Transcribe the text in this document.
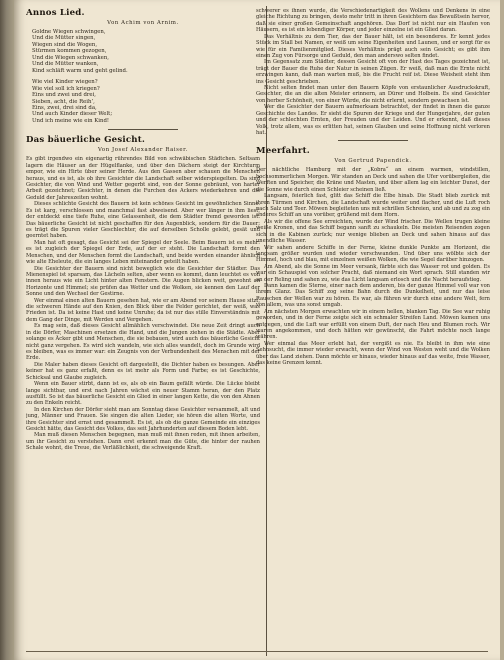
Annos Lied.
Von Achim von Arnim.
Goldne Wiegen schwingen,
Und die Mütter singen,
Wiegen sind die Wogen,
Stürmen kommen gezogen,
Und die Wiegen schwanken,
Und die Mütter wanken,
Kind schläft warm und geht gelind.
Wie viel Kinder wiegen?
Wie viel soll ich kriegen?
Eins und zwei und drei,
Sieben, acht, die Reih’,
Eins, zwei, drei sind da,
Und auch Kinder dieser Welt;
Und ich meine wie ein Kind!
Das bäuerliche Gesicht.
Von Josef Alexander Raiser.

Es gibt irgendwo ein eigenartig rührendes Bild von schwäbischen Städtchen. Seltsam lagern die Häuser an der Hügelflanke, und über den Dächern steigt der Kirchturm empor, wie ein Hirte über seiner Herde. Aus den Gassen aber schauen die Menschen heraus, und es ist, als ob ihre Gesichter die Landschaft selber widerspiegelten. Da sind Gesichter, die von Wind und Wetter gegerbt sind, von der Sonne gebräunt, von harter Arbeit gezeichnet; Gesichter, in denen die Furchen des Ackers wiederkehren und die Geduld der Jahreszeiten wohnt.

Dieses schlichte Gesicht des Bauern ist kein schönes Gesicht im gewöhnlichen Sinne. Es ist karg, verschlossen und manchmal fast abweisend. Aber wer länger in ihm liest, der entdeckt eine tiefe Ruhe, eine Gelassenheit, die dem Städter fremd geworden ist. Das bäuerliche Gesicht ist nicht geschaffen für den Augenblick, sondern für die Dauer; es trägt die Spuren vieler Geschlechter, die auf derselben Scholle gelebt, gesät und geerntet haben.

Man hat oft gesagt, das Gesicht sei der Spiegel der Seele. Beim Bauern ist es mehr: es ist zugleich der Spiegel der Erde, auf der er steht. Die Landschaft formt den Menschen, und der Menschen formt die Landschaft, und beide werden einander ähnlich wie alte Eheleute, die ein langes Leben miteinander geteilt haben.

Die Gesichter der Bauern sind nicht beweglich wie die Gesichter der Städter. Das Mienenspiel ist sparsam, das Lächeln selten, aber wenn es kommt, dann leuchtet es von innen heraus wie ein Licht hinter alten Fenstern. Die Augen blicken weit, gewohnt an Horizonte und Himmel; sie prüfen das Wetter und die Wolken, sie kennen den Lauf der Sonne und den Wechsel der Gestirne.

Wer einmal einen alten Bauern gesehen hat, wie er am Abend vor seinem Hause sitzt, die schweren Hände auf den Knien, den Blick über die Felder gerichtet, der weiß, was Frieden ist. Da ist keine Hast und keine Unruhe; da ist nur das stille Einverständnis mit dem Gang der Dinge, mit Werden und Vergehen.

Es mag sein, daß dieses Gesicht allmählich verschwindet. Die neue Zeit dringt auch in die Dörfer, Maschinen ersetzen die Hand, und die Jungen ziehen in die Städte. Aber solange es Äcker gibt und Menschen, die sie bebauen, wird auch das bäuerliche Gesicht nicht ganz vergehen. Es wird sich wandeln, wie sich alles wandelt, doch im Grunde wird es bleiben, was es immer war: ein Zeugnis von der Verbundenheit des Menschen mit der Erde.

Die Maler haben dieses Gesicht oft dargestellt, die Dichter haben es besungen. Aber keiner hat es ganz erfaßt, denn es ist mehr als Form und Farbe; es ist Geschichte, Schicksal und Glaube zugleich.

Wenn ein Bauer stirbt, dann ist es, als ob ein Baum gefällt würde. Die Lücke bleibt lange sichtbar, und erst nach Jahren wächst ein neuer Stamm heran, der den Platz ausfüllt. So ist das bäuerliche Gesicht ein Glied in einer langen Kette, die von den Ahnen zu den Enkeln reicht.

In den Kirchen der Dörfer sieht man am Sonntag diese Gesichter versammelt, alt und jung, Männer und Frauen. Sie singen die alten Lieder, sie hören die alten Worte, und ihre Gesichter sind ernst und gesammelt. Es ist, als ob die ganze Gemeinde ein einziges Gesicht hätte, das Gesicht des Volkes, das seit Jahrhunderten auf diesem Boden lebt.

Man muß diesen Menschen begegnen, man muß mit ihnen reden, mit ihnen arbeiten, um ihr Gesicht zu verstehen. Dann erst erkennt man die Güte, die hinter der rauhen Schale wohnt, die Treue, die Verläßlichkeit, die schweigende Kraft.

schwerer es ihnen wurde, die Verschiedenartigkeit des Wollens und Denkens in eine gleiche Richtung zu bringen, desto mehr tritt in ihren Gesichtern das Bewußtsein hervor, daß sie einer großen Gemeinschaft angehören. Das Dorf ist nicht nur ein Haufen von Häusern, es ist ein lebendiger Körper, und jeder einzelne ist ein Glied daran.

Das Verhältnis zu dem Tier, das der Bauer hält, ist ein besonderes. Er kennt jedes Stück im Stall bei Namen, er weiß um seine Eigenheiten und Launen, und er sorgt für es wie für ein Familienmitglied. Dieses Verhältnis prägt auch sein Gesicht; es gibt ihm einen Zug von Fürsorge und Geduld, den man anderswo selten findet.

Im Gegensatz zum Städter, dessen Gesicht oft von der Hast des Tages gezeichnet ist, trägt der Bauer die Ruhe der Natur in seinen Zügen. Er weiß, daß man die Ernte nicht erzwingen kann, daß man warten muß, bis die Frucht reif ist. Diese Weisheit steht ihm ins Gesicht geschrieben.

Nicht selten findet man unter den Bauern Köpfe von erstaunlicher Ausdruckskraft, Gesichter, die an die alten Meister erinnern, an Dürer und Holbein. Es sind Gesichter von herber Schönheit, von einer Würde, die nicht erlernt, sondern gewachsen ist.

Wer die Gesichter der Bauern aufmerksam betrachtet, der findet in ihnen die ganze Geschichte des Landes. Er sieht die Spuren der Kriege und der Hungerjahre, der guten und der schlechten Ernten, der Freuden und der Leiden. Und er erkennt, daß dieses Volk, trotz allem, was es erlitten hat, seinen Glauben und seine Hoffnung nicht verloren hat.

Meerfahrt.
Von Gertrud Papendick.

Der nächtliche Hamburg mit der „Kobra“ an einem warmen, windstillen, hochsommerlichen Morgen. Wir standen an Deck und sahen die Ufer vorübergleiten, die Werften und Speicher, die Kräne und Masten, und über allem lag ein leichter Dunst, der die Sonne wie durch einen Schleier scheinen ließ.

Langsam, feierlich fast, glitt das Schiff die Elbe hinab. Die Stadt blieb zurück mit ihren Türmen und Kirchen, die Landschaft wurde weiter und flacher, und die Luft roch nach Salz und Teer. Möwen begleiteten uns mit schrillen Schreien, und ab und zu zog ein anderes Schiff an uns vorüber, grüßend mit dem Horn.

Als wir die offene See erreichten, wurde der Wind frischer. Die Wellen trugen kleine weiße Kronen, und das Schiff begann sanft zu schaukeln. Die meisten Reisenden zogen sich in die Kabinen zurück; nur wenige blieben an Deck und sahen hinaus auf das unendliche Wasser.

Wir sahen andere Schiffe in der Ferne, kleine dunkle Punkte am Horizont, die langsam größer wurden und wieder verschwanden. Und über uns wölbte sich der Himmel, hoch und blau, mit einzelnen weißen Wolken, die wie Segel darüber hinzogen.

Am Abend, als die Sonne im Meer versank, färbte sich das Wasser rot und golden. Es war ein Schauspiel von solcher Pracht, daß niemand ein Wort sprach. Still standen wir an der Reling und sahen zu, wie das Licht langsam erlosch und die Nacht heraufstieg.

Dann kamen die Sterne, einer nach dem anderen, bis der ganze Himmel voll war von ihrem Glanz. Das Schiff zog seine Bahn durch die Dunkelheit, und nur das leise Rauschen der Wellen war zu hören. Es war, als führen wir durch eine andere Welt, fern von allem, was uns sonst umgab.

Am nächsten Morgen erwachten wir in einem hellen, blanken Tag. Die See war ruhig geworden, und in der Ferne zeigte sich ein schmaler Streifen Land. Möwen kamen uns entgegen, und die Luft war erfüllt von einem Duft, der nach Heu und Blumen roch. Wir waren angekommen, und doch hätten wir gewünscht, die Fahrt möchte noch lange währen.

Wer einmal das Meer erlebt hat, der vergißt es nie. Es bleibt in ihm wie eine Sehnsucht, die immer wieder erwacht, wenn der Wind von Westen weht und die Wolken über das Land ziehen. Dann möchte er hinaus, wieder hinaus auf das weite, freie Wasser, das keine Grenzen kennt.
